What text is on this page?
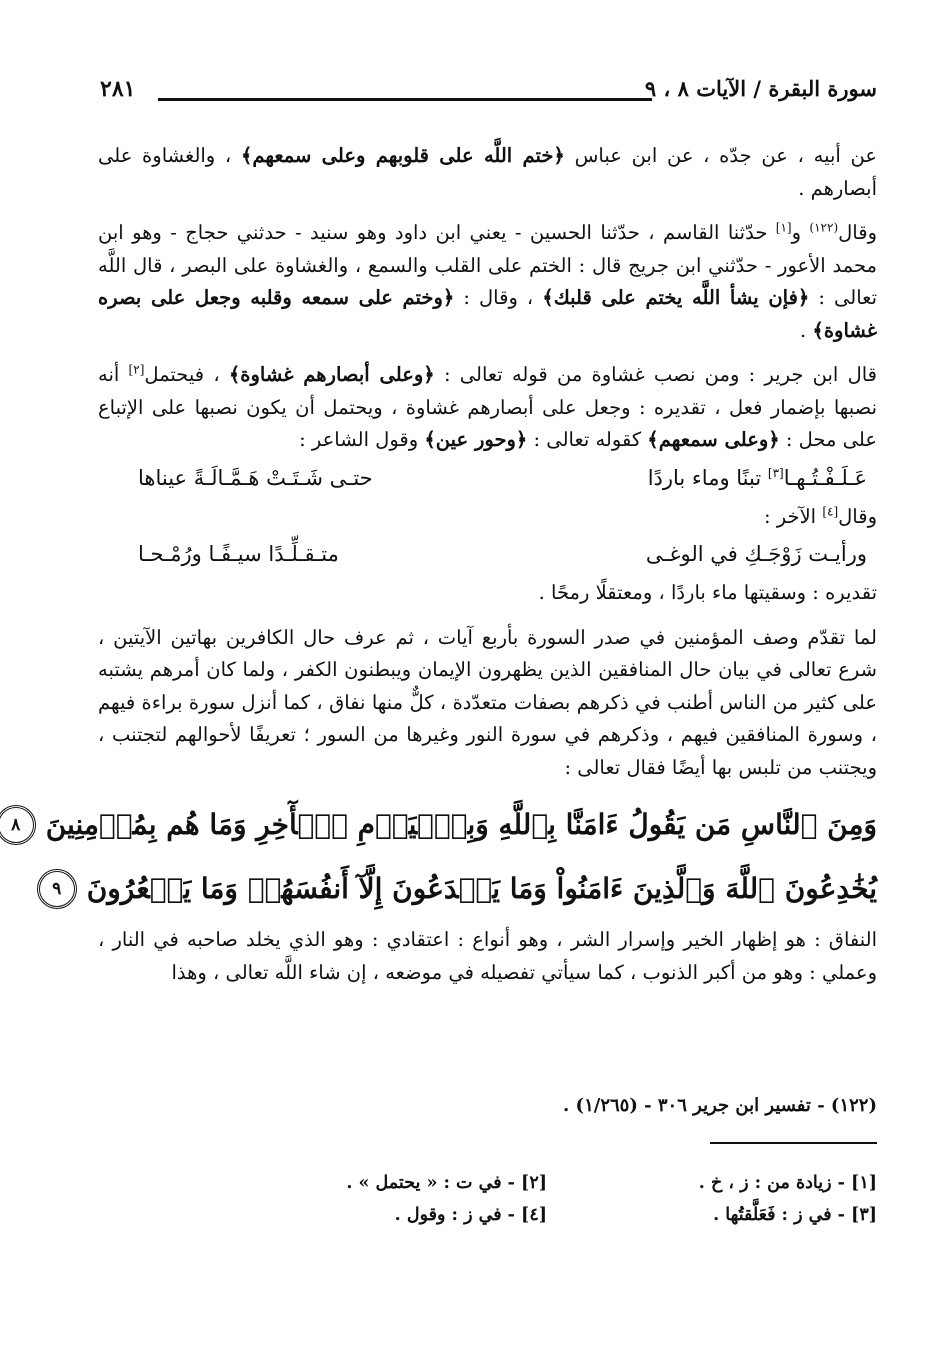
سورة البقرة / الآيات ٨ ، ٩
٢٨١

عن أبيه ، عن جدّه ، عن ابن عباس ﴿ختم اللَّه على قلوبهم وعلى سمعهم﴾ ، والغشاوة على أبصارهم .

وقال$^{(١٢٢)}$ و[١] حدّثنا القاسم ، حدّثنا الحسين - يعني ابن داود وهو سنيد - حدثني حجاج - وهو ابن محمد الأعور - حدّثني ابن جريج قال : الختم على القلب والسمع ، والغشاوة على البصر ، قال اللَّه تعالى : ﴿فإن يشأ اللَّه يختم على قلبك﴾ ، وقال : ﴿وختم على سمعه وقلبه وجعل على بصره غشاوة﴾ .

قال ابن جرير : ومن نصب غشاوة من قوله تعالى : ﴿وعلى أبصارهم غشاوة﴾ ، فيحتمل[٢] أنه نصبها بإضمار فعل ، تقديره : وجعل على أبصارهم غشاوة ، ويحتمل أن يكون نصبها على الإتباع على محل : ﴿وعلى سمعهم﴾ كقوله تعالى : ﴿وحور عين﴾ وقول الشاعر :

عَـلَـفْـتُـهـا[٣] تبنًا وماء باردًا
حتـى شَـتَـتْ هَـمَّـالَـةً عيناها

وقال[٤] الآخر :

ورأيـت زَوْجَـكِ في الوغـى
متـقـلِّـدًا سيـفًـا ورُمْـحـا

تقديره : وسقيتها ماء باردًا ، ومعتقلًا رمحًا .

لما تقدّم وصف المؤمنين في صدر السورة بأربع آيات ، ثم عرف حال الكافرين بهاتين الآيتين ، شرع تعالى في بيان حال المنافقين الذين يظهرون الإيمان ويبطنون الكفر ، ولما كان أمرهم يشتبه على كثير من الناس أطنب في ذكرهم بصفات متعدّدة ، كلٌّ منها نفاق ، كما أنزل سورة براءة فيهم ، وسورة المنافقين فيهم ، وذكرهم في سورة النور وغيرها من السور ؛ تعريفًا لأحوالهم لتجتنب ، ويجتنب من تلبس بها أيضًا فقال تعالى :

وَمِنَ ٱلنَّاسِ مَن يَقُولُ ءَامَنَّا بِٱللَّهِ وَبِٱلۡيَوۡمِ ٱلۡأٓخِرِ وَمَا هُم بِمُؤۡمِنِينَ
٨
يُخَٰدِعُونَ ٱللَّهَ وَٱلَّذِينَ ءَامَنُواْ وَمَا يَخۡدَعُونَ إِلَّآ أَنفُسَهُمۡ وَمَا يَشۡعُرُونَ
٩

النفاق : هو إظهار الخير وإسرار الشر ، وهو أنواع : اعتقادي : وهو الذي يخلد صاحبه في النار ، وعملي : وهو من أكبر الذنوب ، كما سيأتي تفصيله في موضعه ، إن شاء اللَّه تعالى ، وهذا

(١٢٢) - تفسير ابن جرير ٣٠٦ - (١/٢٦٥) .
[١] - زيادة من : ز ، خ .
[٢] - في ت : « يحتمل » .
[٣] - في ز : فَعَلَّقتُها .
[٤] - في ز : وقول .
